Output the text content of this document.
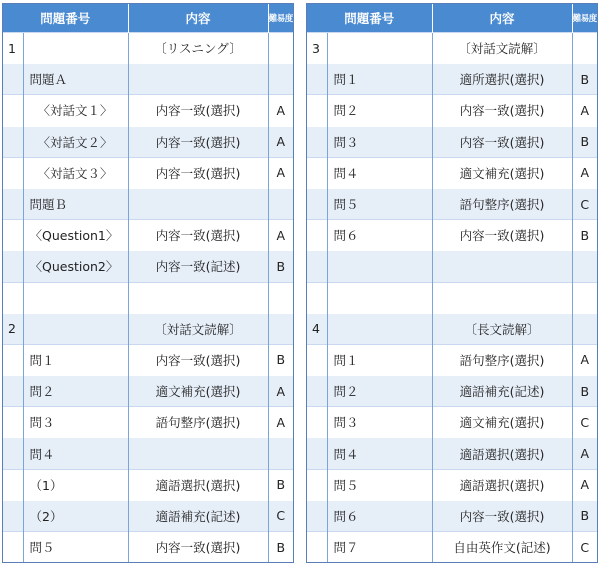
問題番号		内容	難易度
1		〔リスニング〕	
	問題Ａ		
	〈対話文１〉	内容一致(選択)	A
	〈対話文２〉	内容一致(選択)	A
	〈対話文３〉	内容一致(選択)	A
	問題Ｂ		
	〈Question1〉	内容一致(選択)	A
	〈Question2〉	内容一致(記述)	B

2		〔対話文読解〕	
	問１	内容一致(選択)	B
	問２	適文補充(選択)	A
	問３	語句整序(選択)	A
	問４		
	（1）	適語選択(選択)	B
	（2）	適語補充(記述)	C
	問５	内容一致(選択)	B
問題番号		内容	難易度
3		〔対話文読解〕	
	問１	適所選択(選択)	B
	問２	内容一致(選択)	A
	問３	内容一致(選択)	B
	問４	適文補充(選択)	A
	問５	語句整序(選択)	C
	問６	内容一致(選択)	B

4		〔長文読解〕	
	問１	語句整序(選択)	A
	問２	適語補充(記述)	B
	問３	適文補充(選択)	C
	問４	適語選択(選択)	A
	問５	適語選択(選択)	A
	問６	内容一致(選択)	B
	問７	自由英作文(記述)	C
